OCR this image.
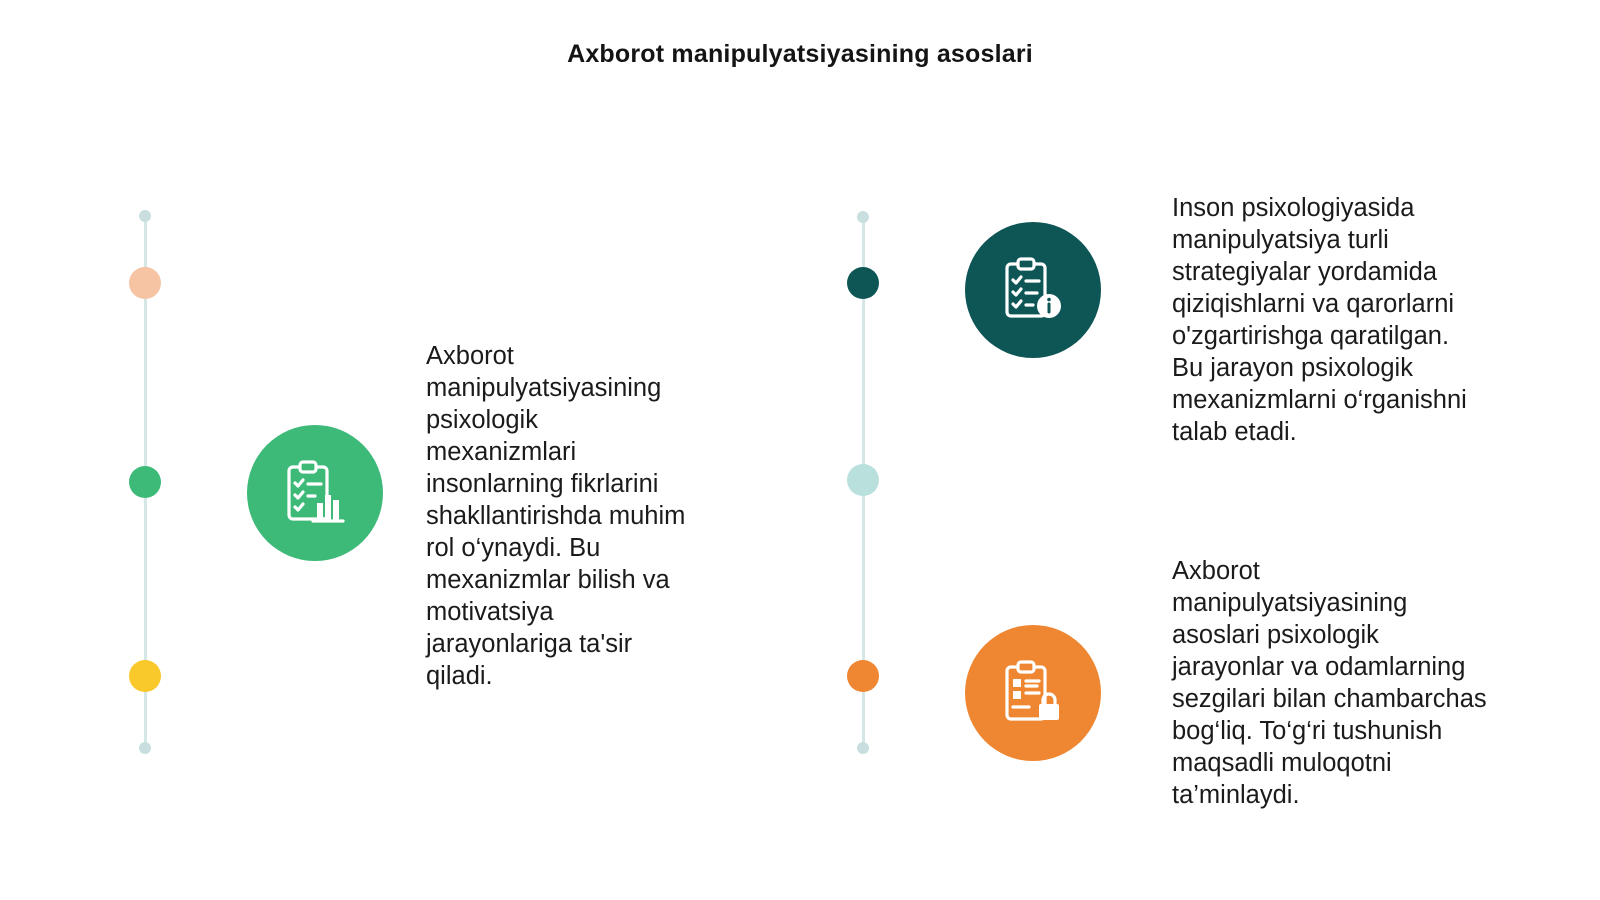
Axborot manipulyatsiyasining asoslari
Axborot
manipulyatsiyasining
psixologik
mexanizmlari
insonlarning fikrlarini
shakllantirishda muhim
rol o‘ynaydi. Bu
mexanizmlar bilish va
motivatsiya
jarayonlariga ta'sir
qiladi.
Inson psixologiyasida
manipulyatsiya turli
strategiyalar yordamida
qiziqishlarni va qarorlarni
o'zgartirishga qaratilgan.
Bu jarayon psixologik
mexanizmlarni o‘rganishni
talab etadi.
Axborot
manipulyatsiyasining
asoslari psixologik
jarayonlar va odamlarning
sezgilari bilan chambarchas
bog‘liq. To‘g‘ri tushunish
maqsadli muloqotni
ta’minlaydi.
